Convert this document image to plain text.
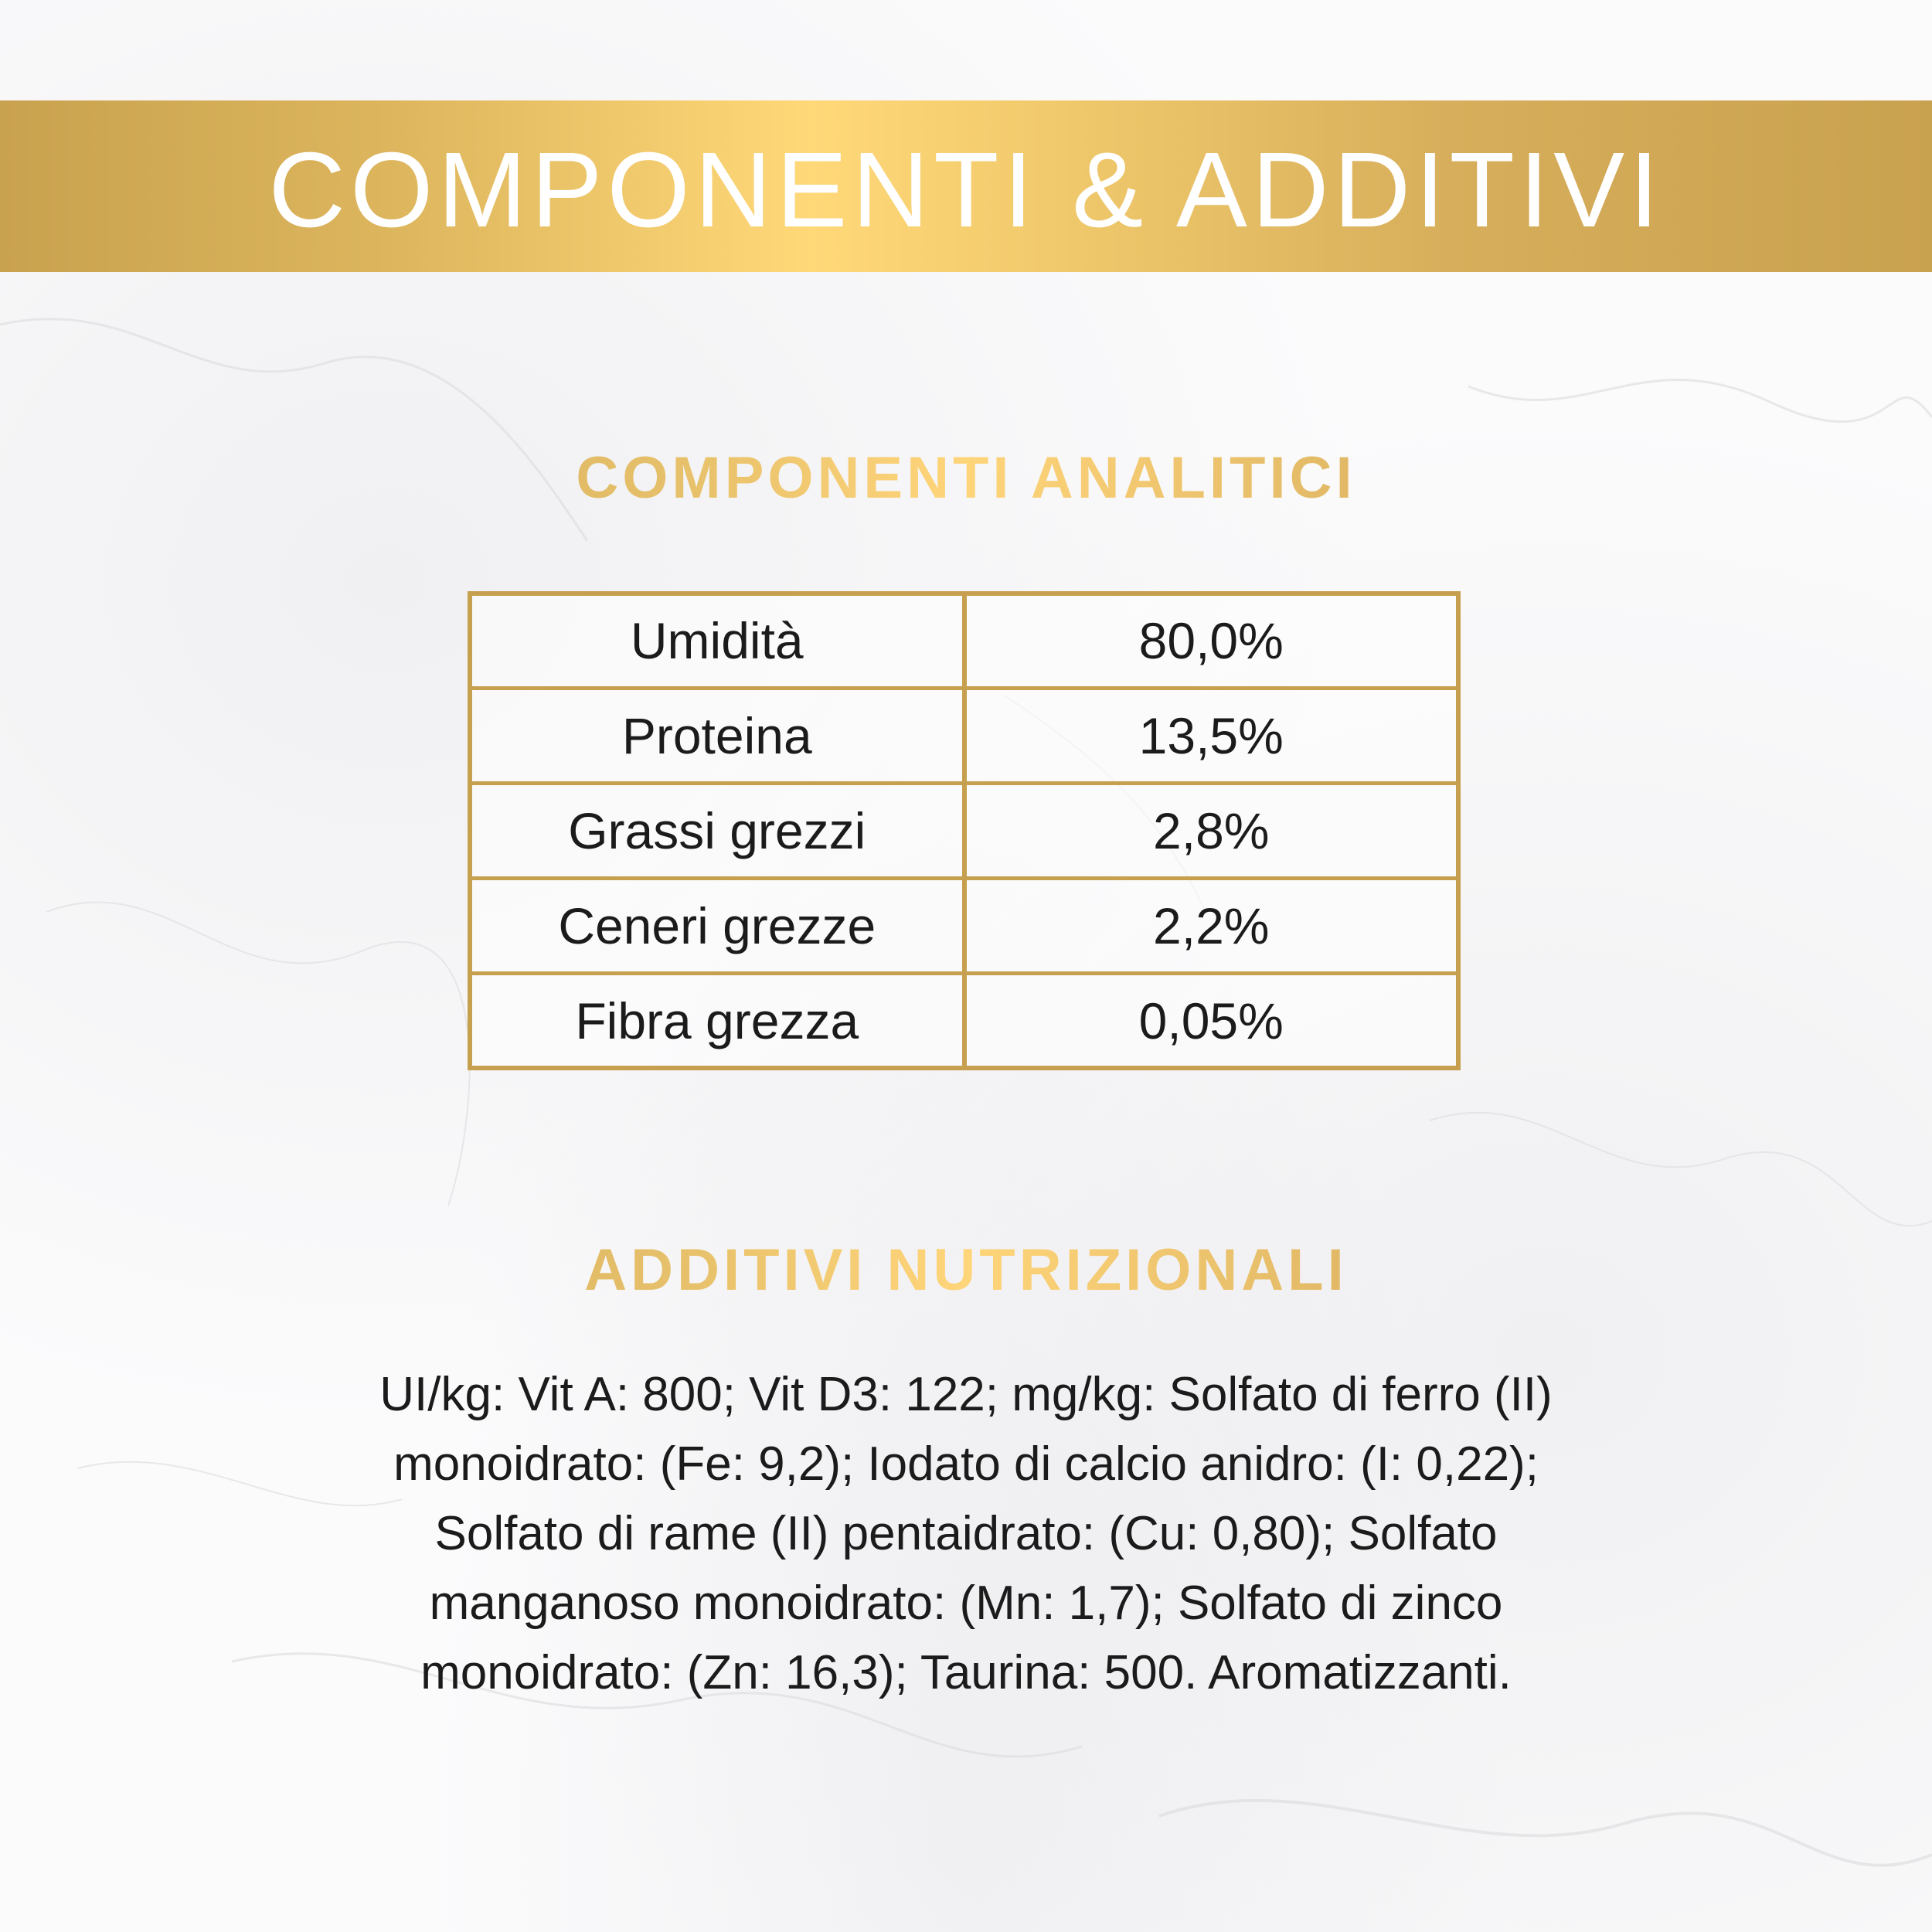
COMPONENTI & ADDITIVI
COMPONENTI ANALITICI
Umidità	80,0%
Proteina	13,5%
Grassi grezzi	2,8%
Ceneri grezze	2,2%
Fibra grezza	0,05%
ADDITIVI NUTRIZIONALI
UI/kg: Vit A: 800; Vit D3: 122; mg/kg: Solfato di ferro (II)
monoidrato: (Fe: 9,2); Iodato di calcio anidro: (I: 0,22);
Solfato di rame (II) pentaidrato: (Cu: 0,80); Solfato
manganoso monoidrato: (Mn: 1,7); Solfato di zinco
monoidrato: (Zn: 16,3); Taurina: 500. Aromatizzanti.
